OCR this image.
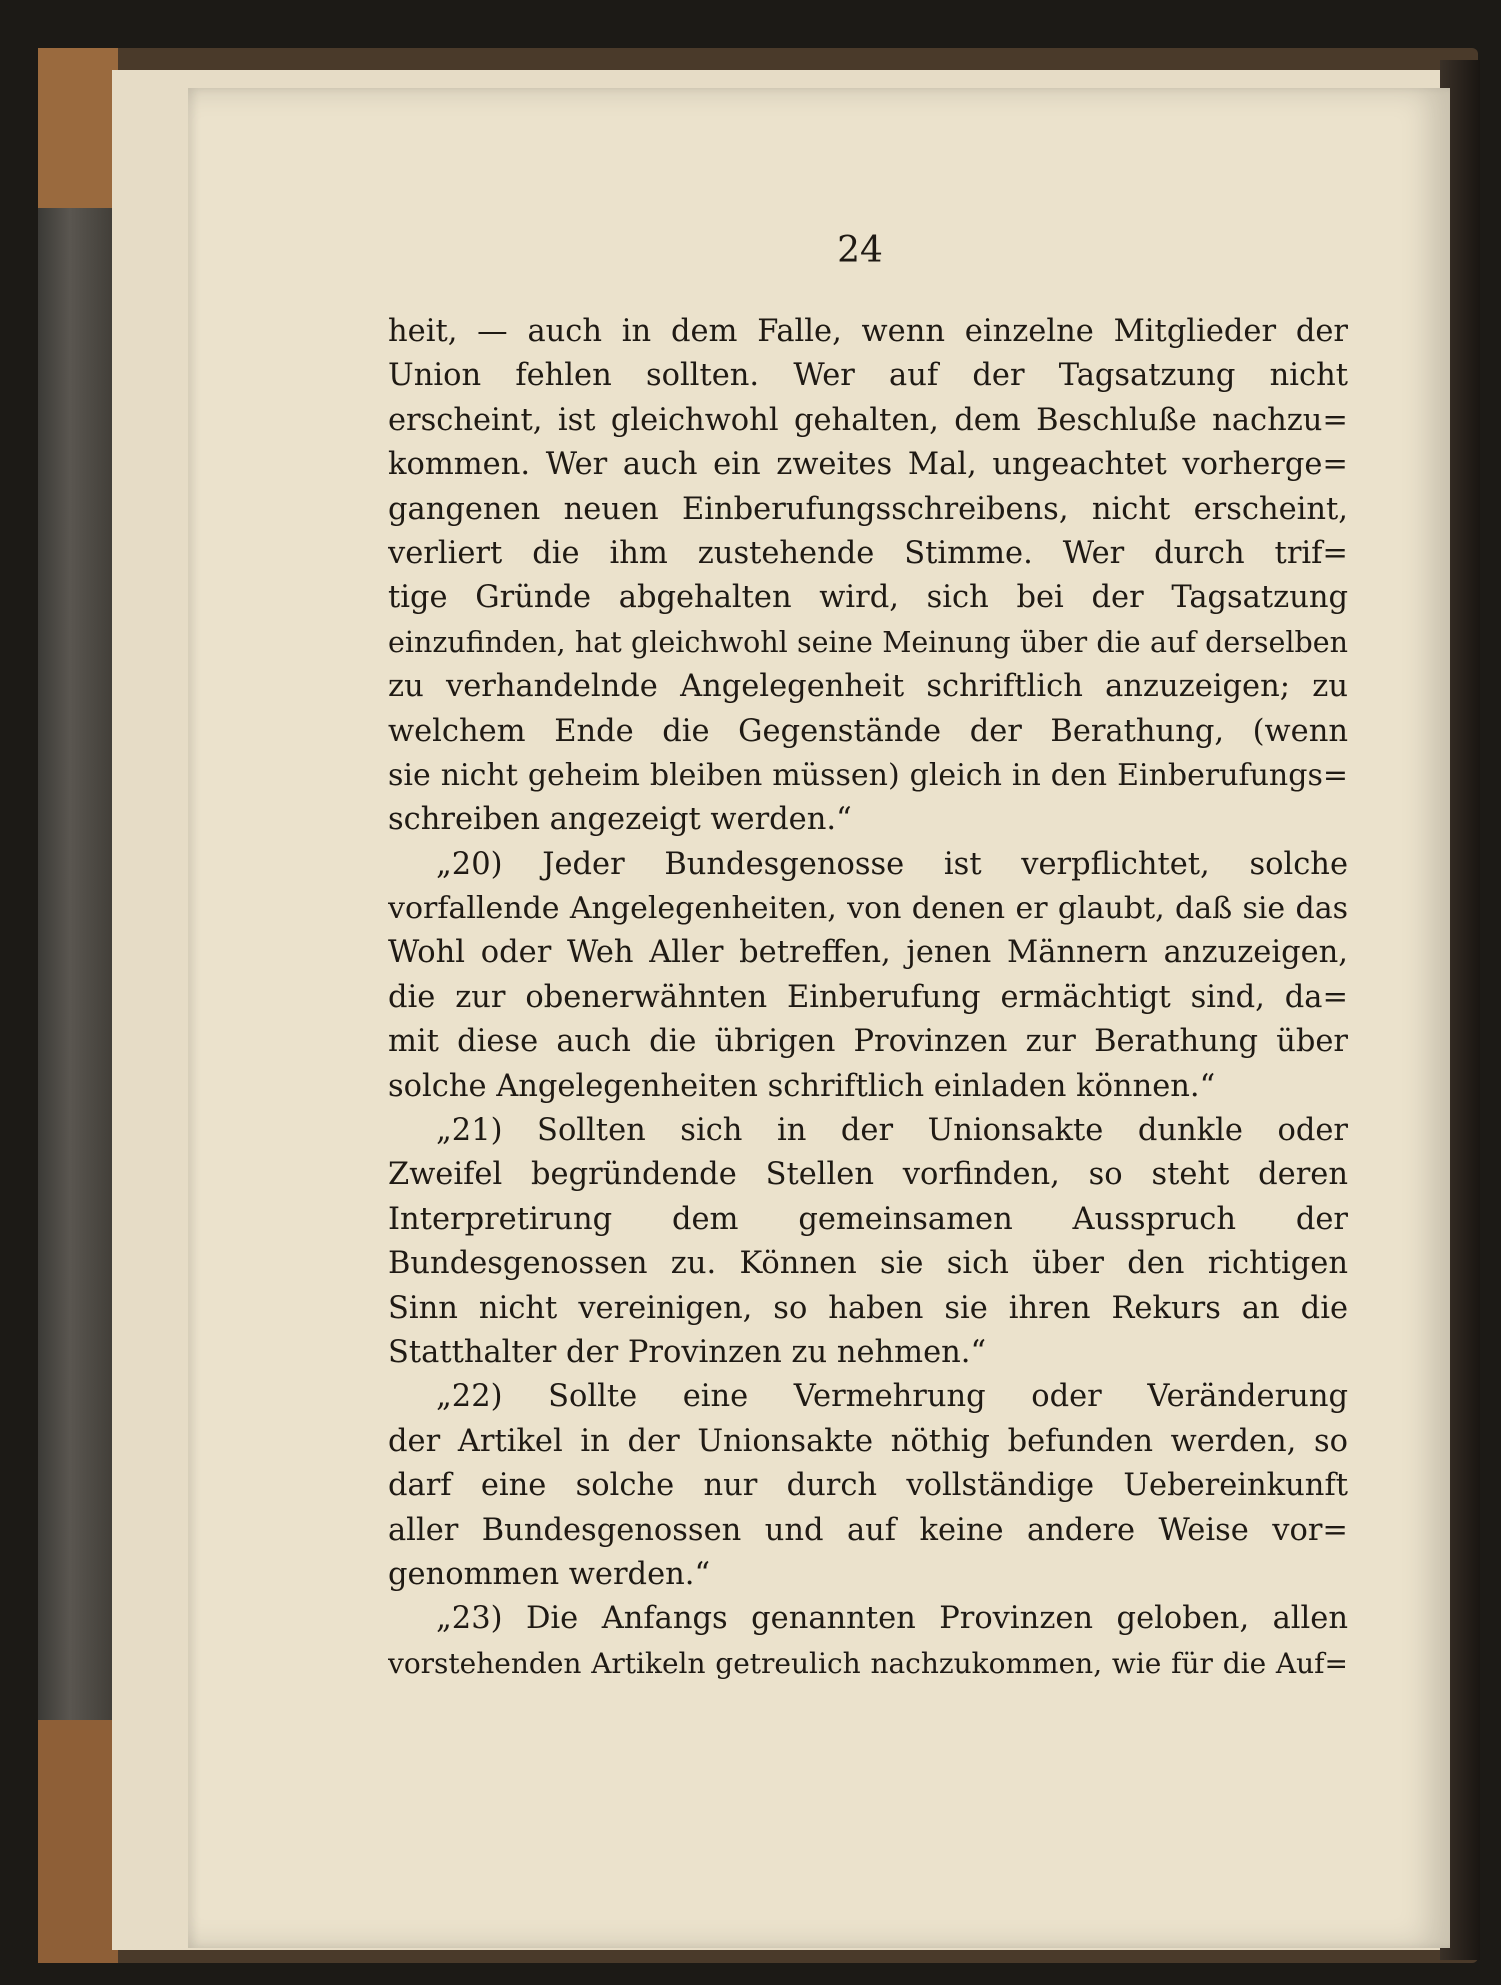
24
heit, — auch in dem Falle, wenn einzelne Mitglieder der
Union fehlen sollten. Wer auf der Tagsatzung nicht
erscheint, ist gleichwohl gehalten, dem Beschluße nachzu=
kommen. Wer auch ein zweites Mal, ungeachtet vorherge=
gangenen neuen Einberufungsschreibens, nicht erscheint,
verliert die ihm zustehende Stimme. Wer durch trif=
tige Gründe abgehalten wird, sich bei der Tagsatzung
einzufinden, hat gleichwohl seine Meinung über die auf derselben
zu verhandelnde Angelegenheit schriftlich anzuzeigen; zu
welchem Ende die Gegenstände der Berathung, (wenn
sie nicht geheim bleiben müssen) gleich in den Einberufungs=
schreiben angezeigt werden.“
„20) Jeder Bundesgenosse ist verpflichtet, solche
vorfallende Angelegenheiten, von denen er glaubt, daß sie das
Wohl oder Weh Aller betreffen, jenen Männern anzuzeigen,
die zur obenerwähnten Einberufung ermächtigt sind, da=
mit diese auch die übrigen Provinzen zur Berathung über
solche Angelegenheiten schriftlich einladen können.“
„21) Sollten sich in der Unionsakte dunkle oder
Zweifel begründende Stellen vorfinden, so steht deren
Interpretirung dem gemeinsamen Ausspruch der
Bundesgenossen zu. Können sie sich über den richtigen
Sinn nicht vereinigen, so haben sie ihren Rekurs an die
Statthalter der Provinzen zu nehmen.“
„22) Sollte eine Vermehrung oder Veränderung
der Artikel in der Unionsakte nöthig befunden werden, so
darf eine solche nur durch vollständige Uebereinkunft
aller Bundesgenossen und auf keine andere Weise vor=
genommen werden.“
„23) Die Anfangs genannten Provinzen geloben, allen
vorstehenden Artikeln getreulich nachzukommen, wie für die Auf=
